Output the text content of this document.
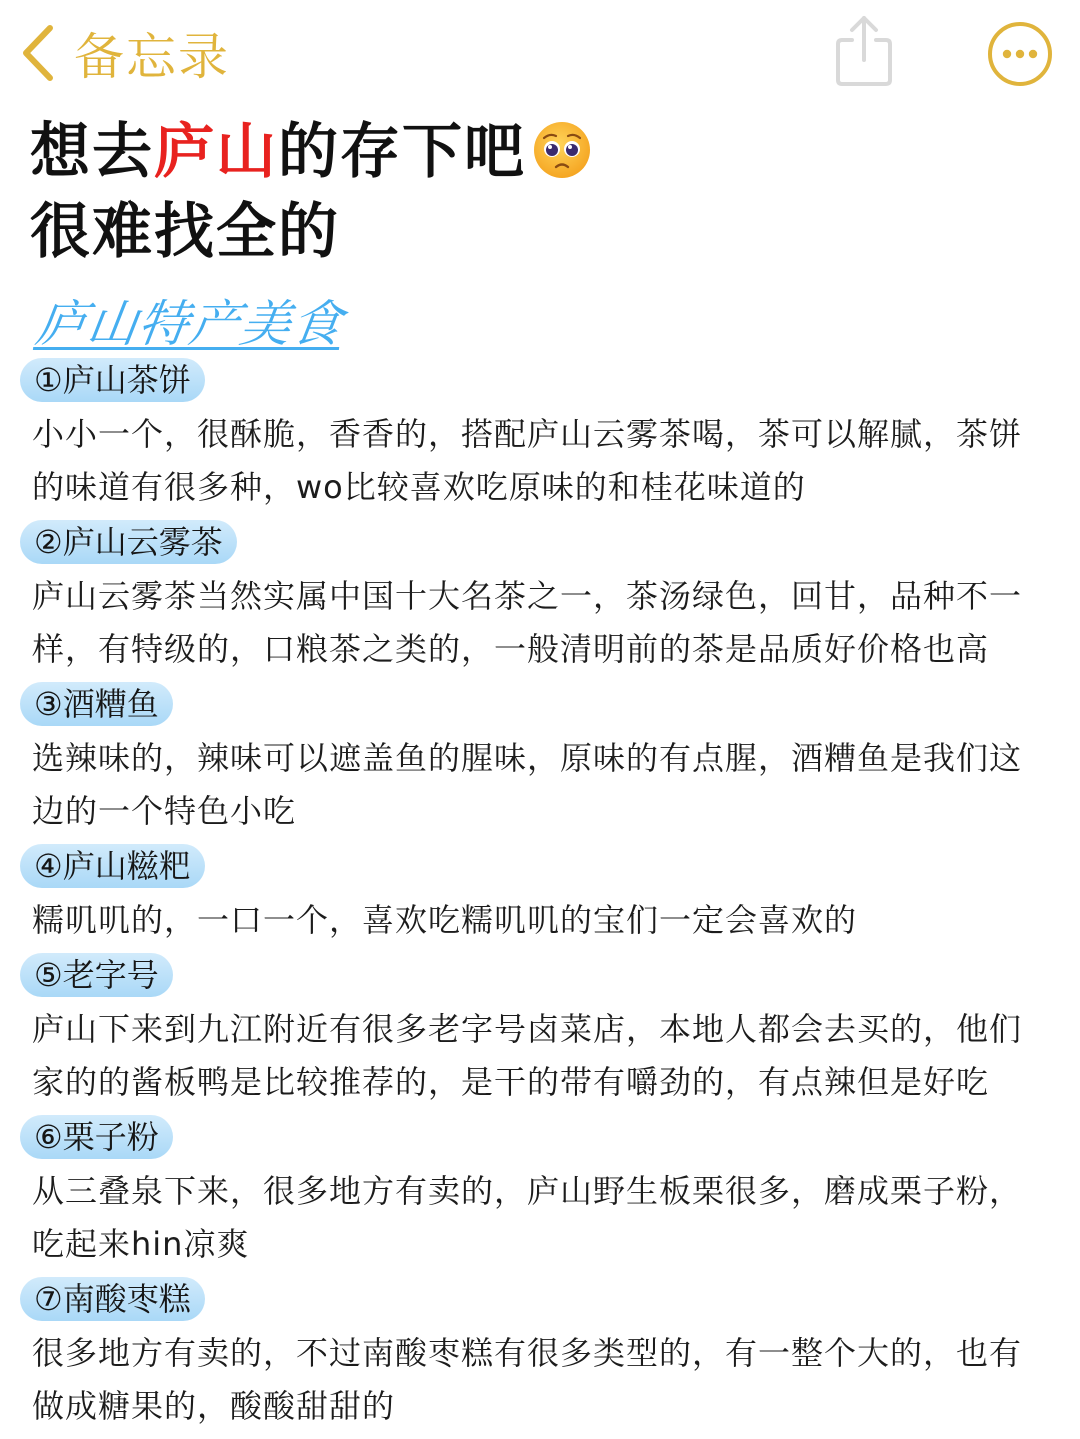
备忘录
想去庐山的存下吧
很难找全的
庐山特产美食
①庐山茶饼

小小一个，很酥脆，香香的，搭配庐山云雾茶喝，茶可以解腻，茶饼的味道有很多种，wo比较喜欢吃原味的和桂花味道的

②庐山云雾茶

庐山云雾茶当然实属中国十大名茶之一，茶汤绿色，回甘，品种不一样，有特级的，口粮茶之类的，一般清明前的茶是品质好价格也高

③酒糟鱼

选辣味的，辣味可以遮盖鱼的腥味，原味的有点腥，酒糟鱼是我们这边的一个特色小吃

④庐山糍粑

糯叽叽的，一口一个，喜欢吃糯叽叽的宝们一定会喜欢的

⑤老字号

庐山下来到九江附近有很多老字号卤菜店，本地人都会去买的，他们家的的酱板鸭是比较推荐的，是干的带有嚼劲的，有点辣但是好吃

⑥栗子粉

从三叠泉下来，很多地方有卖的，庐山野生板栗很多，磨成栗子粉，吃起来hin凉爽

⑦南酸枣糕

很多地方有卖的，不过南酸枣糕有很多类型的，有一整个大的，也有做成糖果的，酸酸甜甜的
